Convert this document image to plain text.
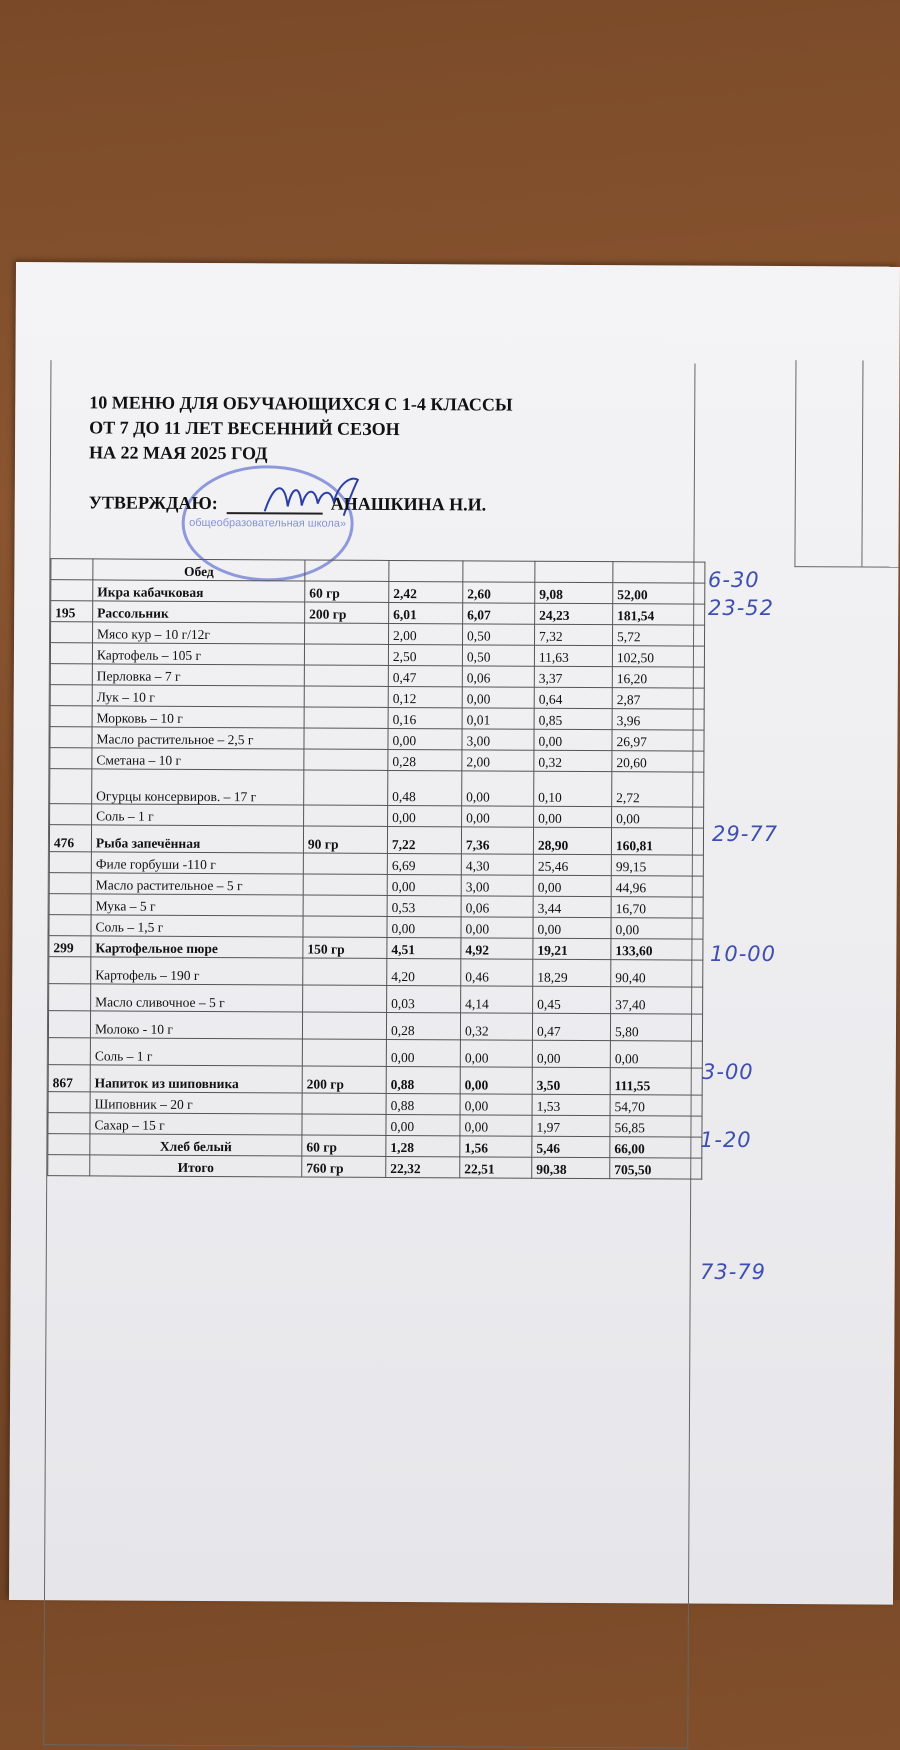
10 МЕНЮ ДЛЯ ОБУЧАЮЩИХСЯ С 1-4 КЛАССЫ
ОТ 7 ДО 11 ЛЕТ ВЕСЕННИЙ СЕЗОН
НА 22 МАЯ 2025 ГОД
общеобразовательная школа»
УТВЕРЖДАЮ:	АНАШКИНА Н.И.
	Обед					
	Икра кабачковая	60 гр	2,42	2,60	9,08	52,00
195	Рассольник	200 гр	6,01	6,07	24,23	181,54
	Мясо кур – 10 г/12г		2,00	0,50	7,32	5,72
	Картофель – 105 г		2,50	0,50	11,63	102,50
	Перловка – 7 г		0,47	0,06	3,37	16,20
	Лук – 10 г		0,12	0,00	0,64	2,87
	Морковь – 10 г		0,16	0,01	0,85	3,96
	Масло растительное – 2,5 г		0,00	3,00	0,00	26,97
	Сметана – 10 г		0,28	2,00	0,32	20,60
	Огурцы консервиров. – 17 г		0,48	0,00	0,10	2,72
	Соль – 1 г		0,00	0,00	0,00	0,00
476	Рыба запечённая	90 гр	7,22	7,36	28,90	160,81
	Филе горбуши -110 г		6,69	4,30	25,46	99,15
	Масло растительное – 5 г		0,00	3,00	0,00	44,96
	Мука – 5 г		0,53	0,06	3,44	16,70
	Соль – 1,5 г		0,00	0,00	0,00	0,00
299	Картофельное пюре	150 гр	4,51	4,92	19,21	133,60
	Картофель – 190 г		4,20	0,46	18,29	90,40
	Масло сливочное – 5 г		0,03	4,14	0,45	37,40
	Молоко - 10 г		0,28	0,32	0,47	5,80
	Соль – 1 г		0,00	0,00	0,00	0,00
867	Напиток из шиповника	200 гр	0,88	0,00	3,50	111,55
	Шиповник – 20 г		0,88	0,00	1,53	54,70
	Сахар – 15 г		0,00	0,00	1,97	56,85
	Хлеб белый	60 гр	1,28	1,56	5,46	66,00
	Итого	760 гр	22,32	22,51	90,38	705,50
6-30
23-52
29-77
10-00
3-00
1-20
73-79
